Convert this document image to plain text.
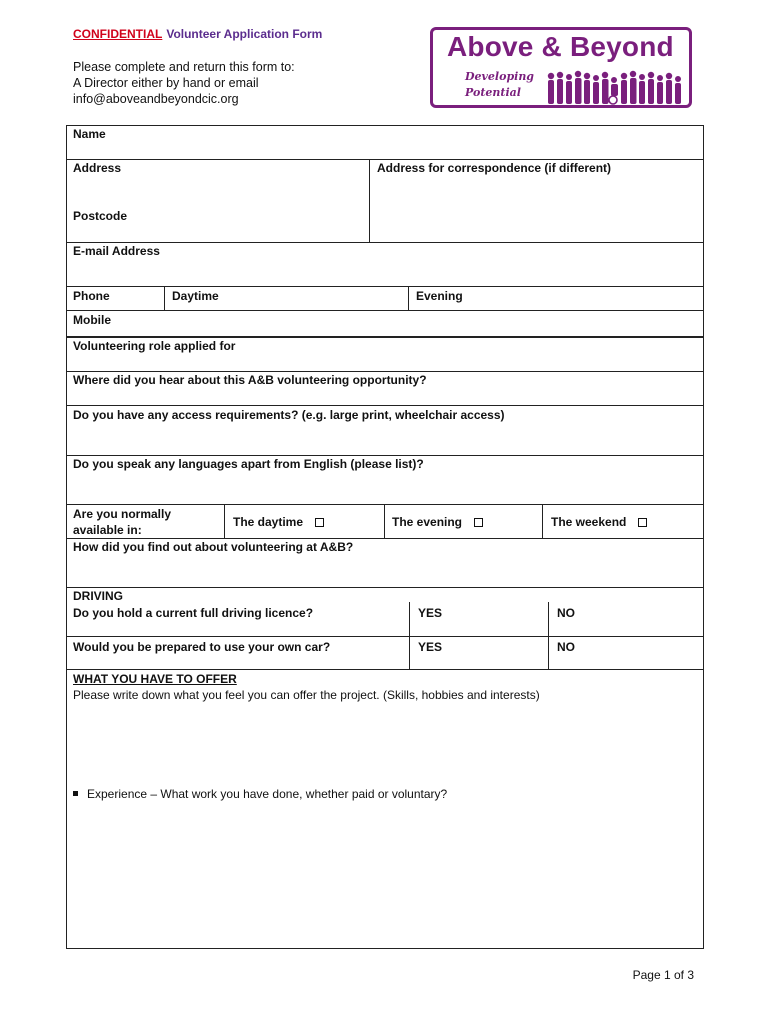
CONFIDENTIAL Volunteer Application Form
Please complete and return this form to:
A Director either by hand or email
info@aboveandbeyondcic.org
Above & Beyond
Developing
Potential
Name
Address	Address for correspondence (if different)
Postcode
E-mail Address
Phone	Daytime	Evening
Mobile
Volunteering role applied for
Where did you hear about this A&B volunteering opportunity?
Do you have any access requirements? (e.g. large print, wheelchair access)
Do you speak any languages apart from English (please list)?
Are you normally
available in:
The daytime	The evening	The weekend
How did you find out about volunteering at A&B?
DRIVING
Do you hold a current full driving licence?	YES	NO
Would you be prepared to use your own car?	YES	NO
WHAT YOU HAVE TO OFFER
Please write down what you feel you can offer the project. (Skills, hobbies and interests)
Experience – What work you have done, whether paid or voluntary?
Page 1 of 3
